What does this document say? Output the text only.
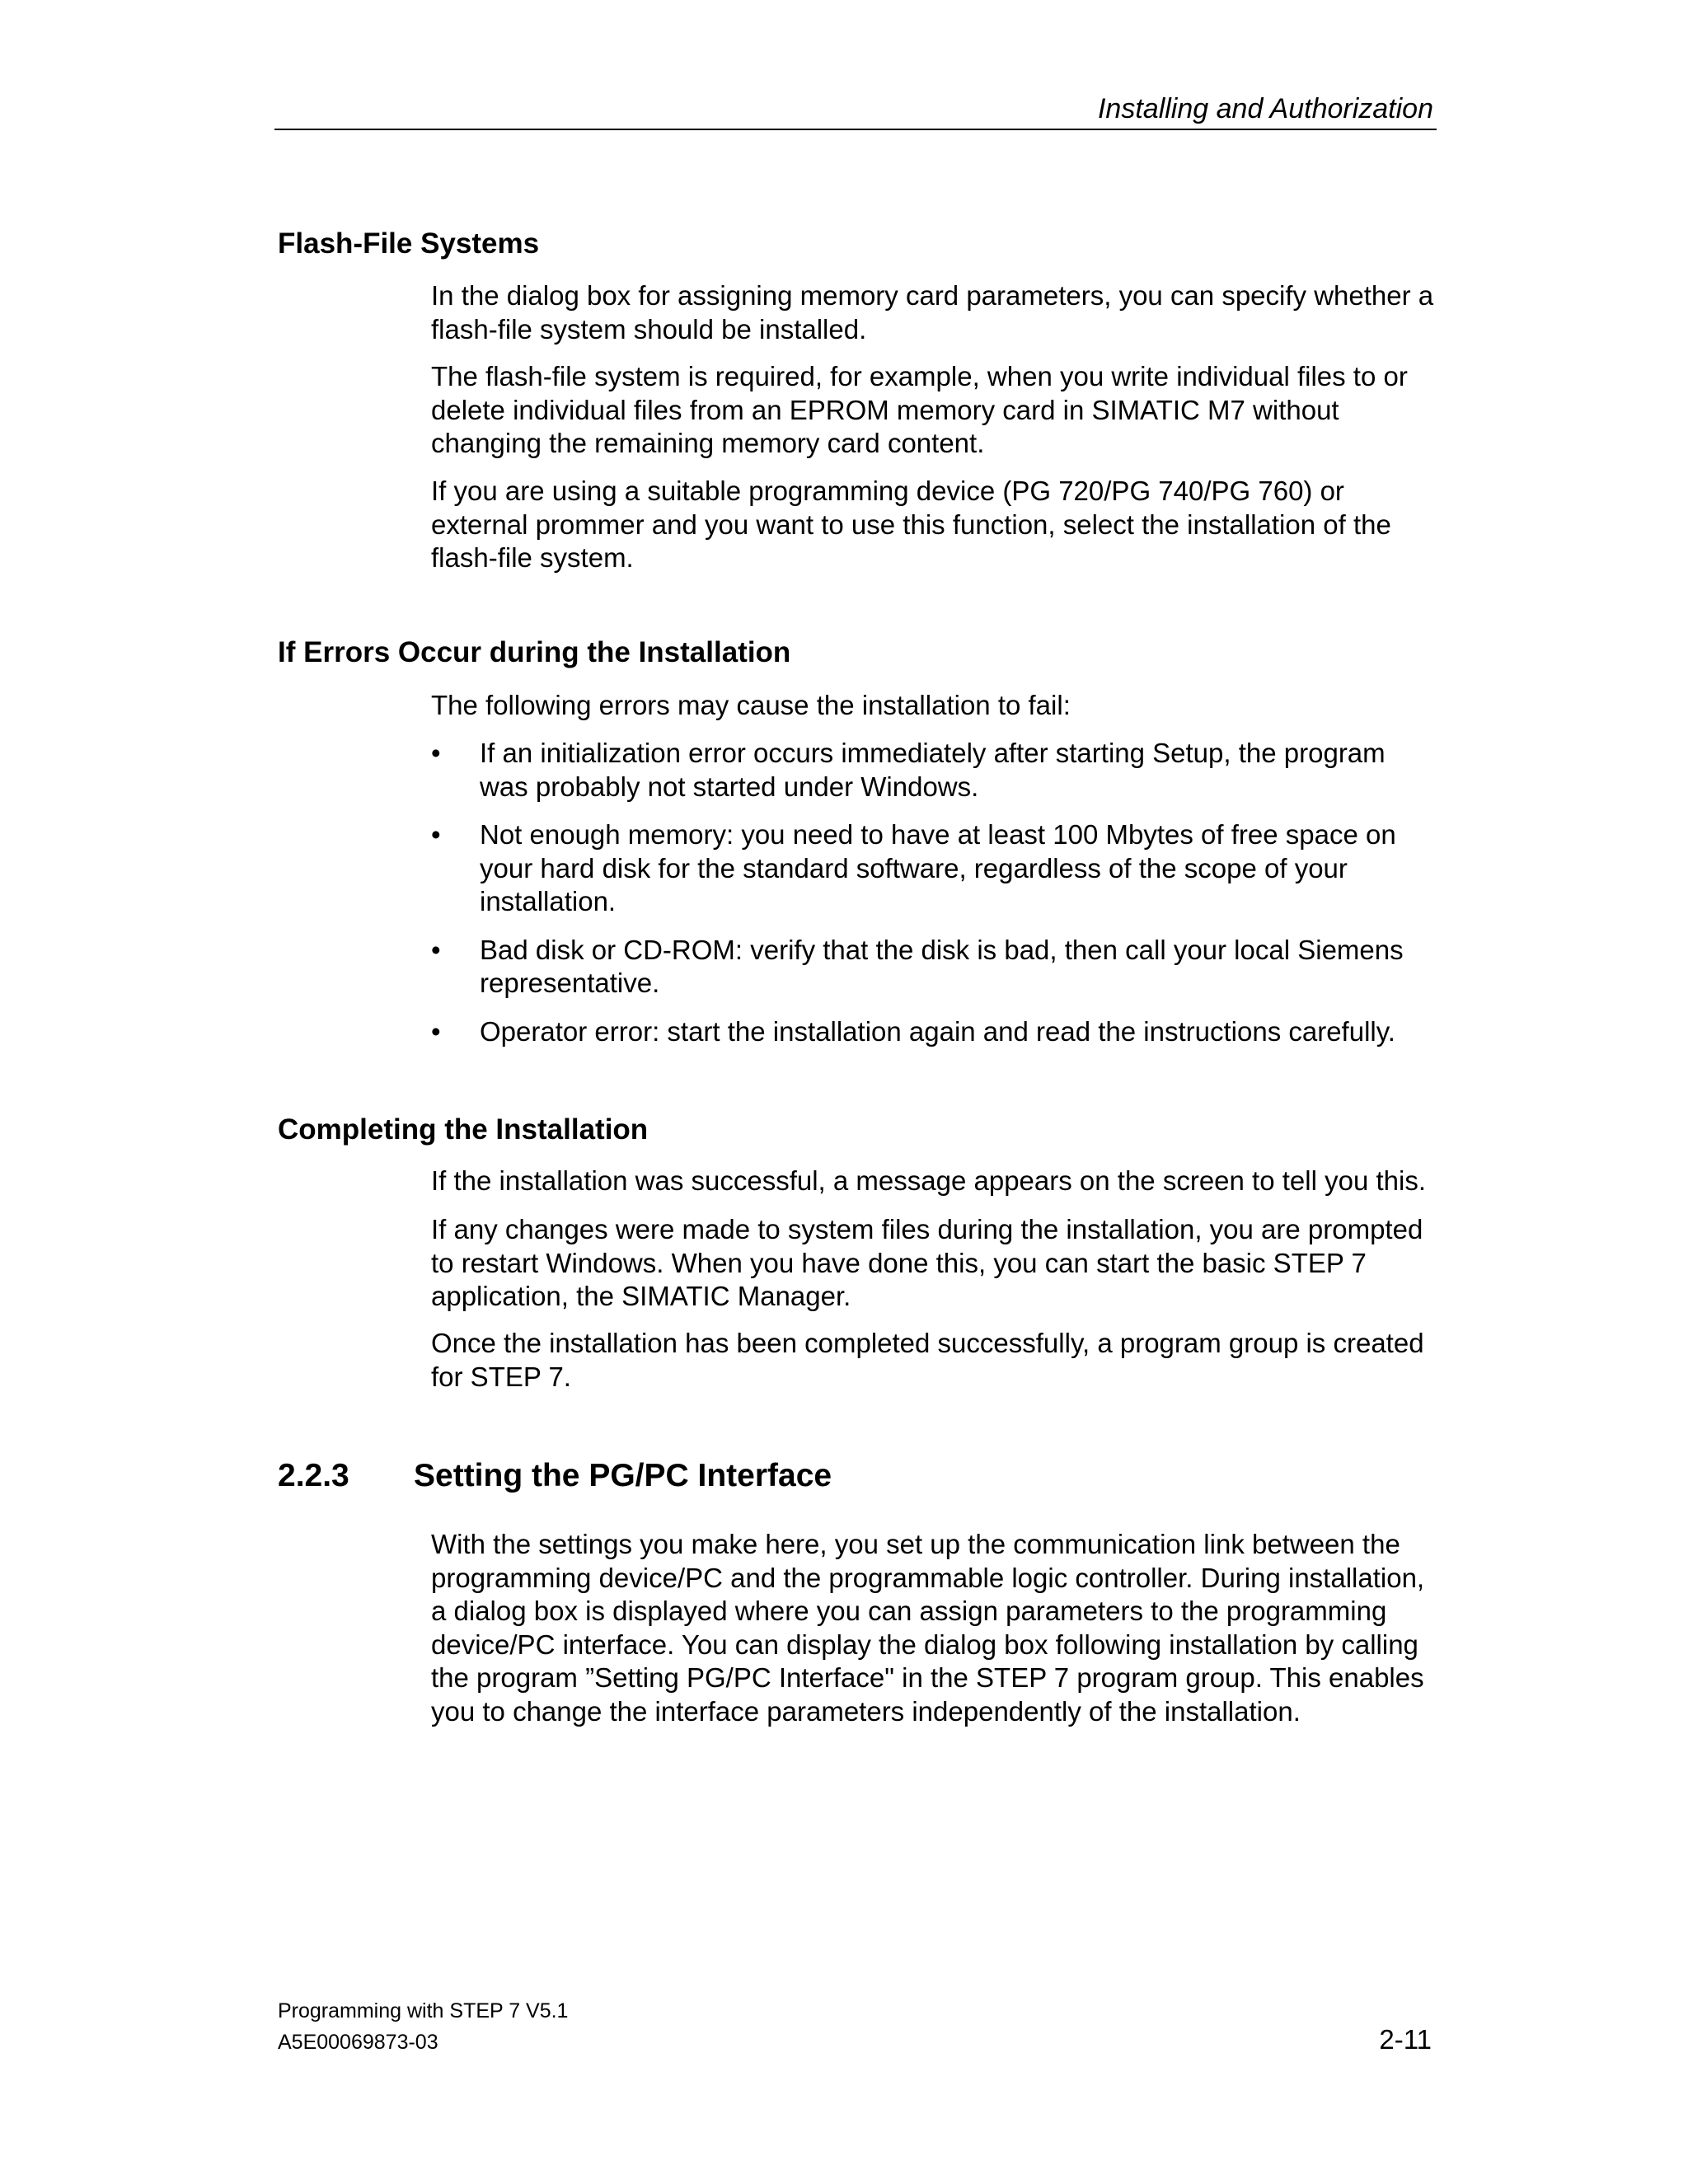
Installing and Authorization
Flash-File Systems

In the dialog box for assigning memory card parameters, you can specify whether a flash-file system should be installed.

The flash-file system is required, for example, when you write individual files to or delete individual files from an EPROM memory card in SIMATIC M7 without changing the remaining memory card content.

If you are using a suitable programming device (PG 720/PG 740/PG 760) or external prommer and you want to use this function, select the installation of the flash-file system.

If Errors Occur during the Installation

The following errors may cause the installation to fail:

• If an initialization error occurs immediately after starting Setup, the program was probably not started under Windows.
• Not enough memory: you need to have at least 100 Mbytes of free space on your hard disk for the standard software, regardless of the scope of your installation.
• Bad disk or CD-ROM: verify that the disk is bad, then call your local Siemens representative.
• Operator error: start the installation again and read the instructions carefully.
Completing the Installation

If the installation was successful, a message appears on the screen to tell you this.

If any changes were made to system files during the installation, you are prompted to restart Windows. When you have done this, you can start the basic STEP 7 application, the SIMATIC Manager.

Once the installation has been completed successfully, a program group is created for STEP 7.

2.2.3 Setting the PG/PC Interface

With the settings you make here, you set up the communication link between the programming device/PC and the programmable logic controller. During installation, a dialog box is displayed where you can assign parameters to the programming device/PC interface. You can display the dialog box following installation by calling the program ”Setting PG/PC Interface" in the STEP 7 program group. This enables you to change the interface parameters independently of the installation.

Programming with STEP 7 V5.1
A5E00069873-03	2-11
